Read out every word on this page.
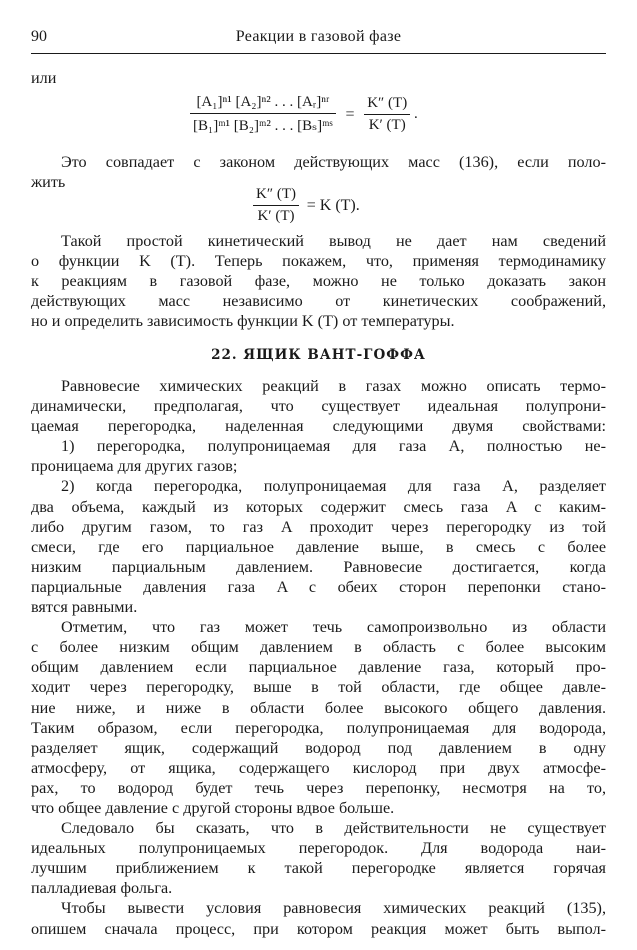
90	Реакции в газовой фазе
или
$\frac{\text{[A₁]ⁿ¹ [A₂]ⁿ² . . . [Aᵣ]ⁿʳ}}{\text{[B₁]ᵐ¹ [B₂]ᵐ² . . . [Bₛ]ᵐˢ}} = \frac{K'' (T)}{K' (T)}$ .
Это совпадает с законом действующих масс (136), если поло-
жить
$\frac{K'' (T)}{K' (T)} = K$ (T).
Такой простой кинетический вывод не дает нам сведений
о функции K (T). Теперь покажем, что, применяя термодинамику
к реакциям в газовой фазе, можно не только доказать закон
действующих масс независимо от кинетических соображений,
но и определить зависимость функции K (T) от температуры.
22. ЯЩИК ВАНТ-ГОФФА
Равновесие химических реакций в газах можно описать термо-
динамически, предполагая, что существует идеальная полупрони-
цаемая перегородка, наделенная следующими двумя свойствами:
1) перегородка, полупроницаемая для газа A, полностью не-
проницаема для других газов;
2) когда перегородка, полупроницаемая для газа A, разделяет
два объема, каждый из которых содержит смесь газа A с каким-
либо другим газом, то газ A проходит через перегородку из той
смеси, где его парциальное давление выше, в смесь с более
низким парциальным давлением. Равновесие достигается, когда
парциальные давления газа A с обеих сторон перепонки стано-
вятся равными.
Отметим, что газ может течь самопроизвольно из области
с более низким общим давлением в область с более высоким
общим давлением если парциальное давление газа, который про-
ходит через перегородку, выше в той области, где общее давле-
ние ниже, и ниже в области более высокого общего давления.
Таким образом, если перегородка, полупроницаемая для водорода,
разделяет ящик, содержащий водород под давлением в одну
атмосферу, от ящика, содержащего кислород при двух атмосфе-
рах, то водород будет течь через перепонку, несмотря на то,
что общее давление с другой стороны вдвое больше.
Следовало бы сказать, что в действительности не существует
идеальных полупроницаемых перегородок. Для водорода наи-
лучшим приближением к такой перегородке является горячая
палладиевая фольга.
Чтобы вывести условия равновесия химических реакций (135),
опишем сначала процесс, при котором реакция может быть выпол-
